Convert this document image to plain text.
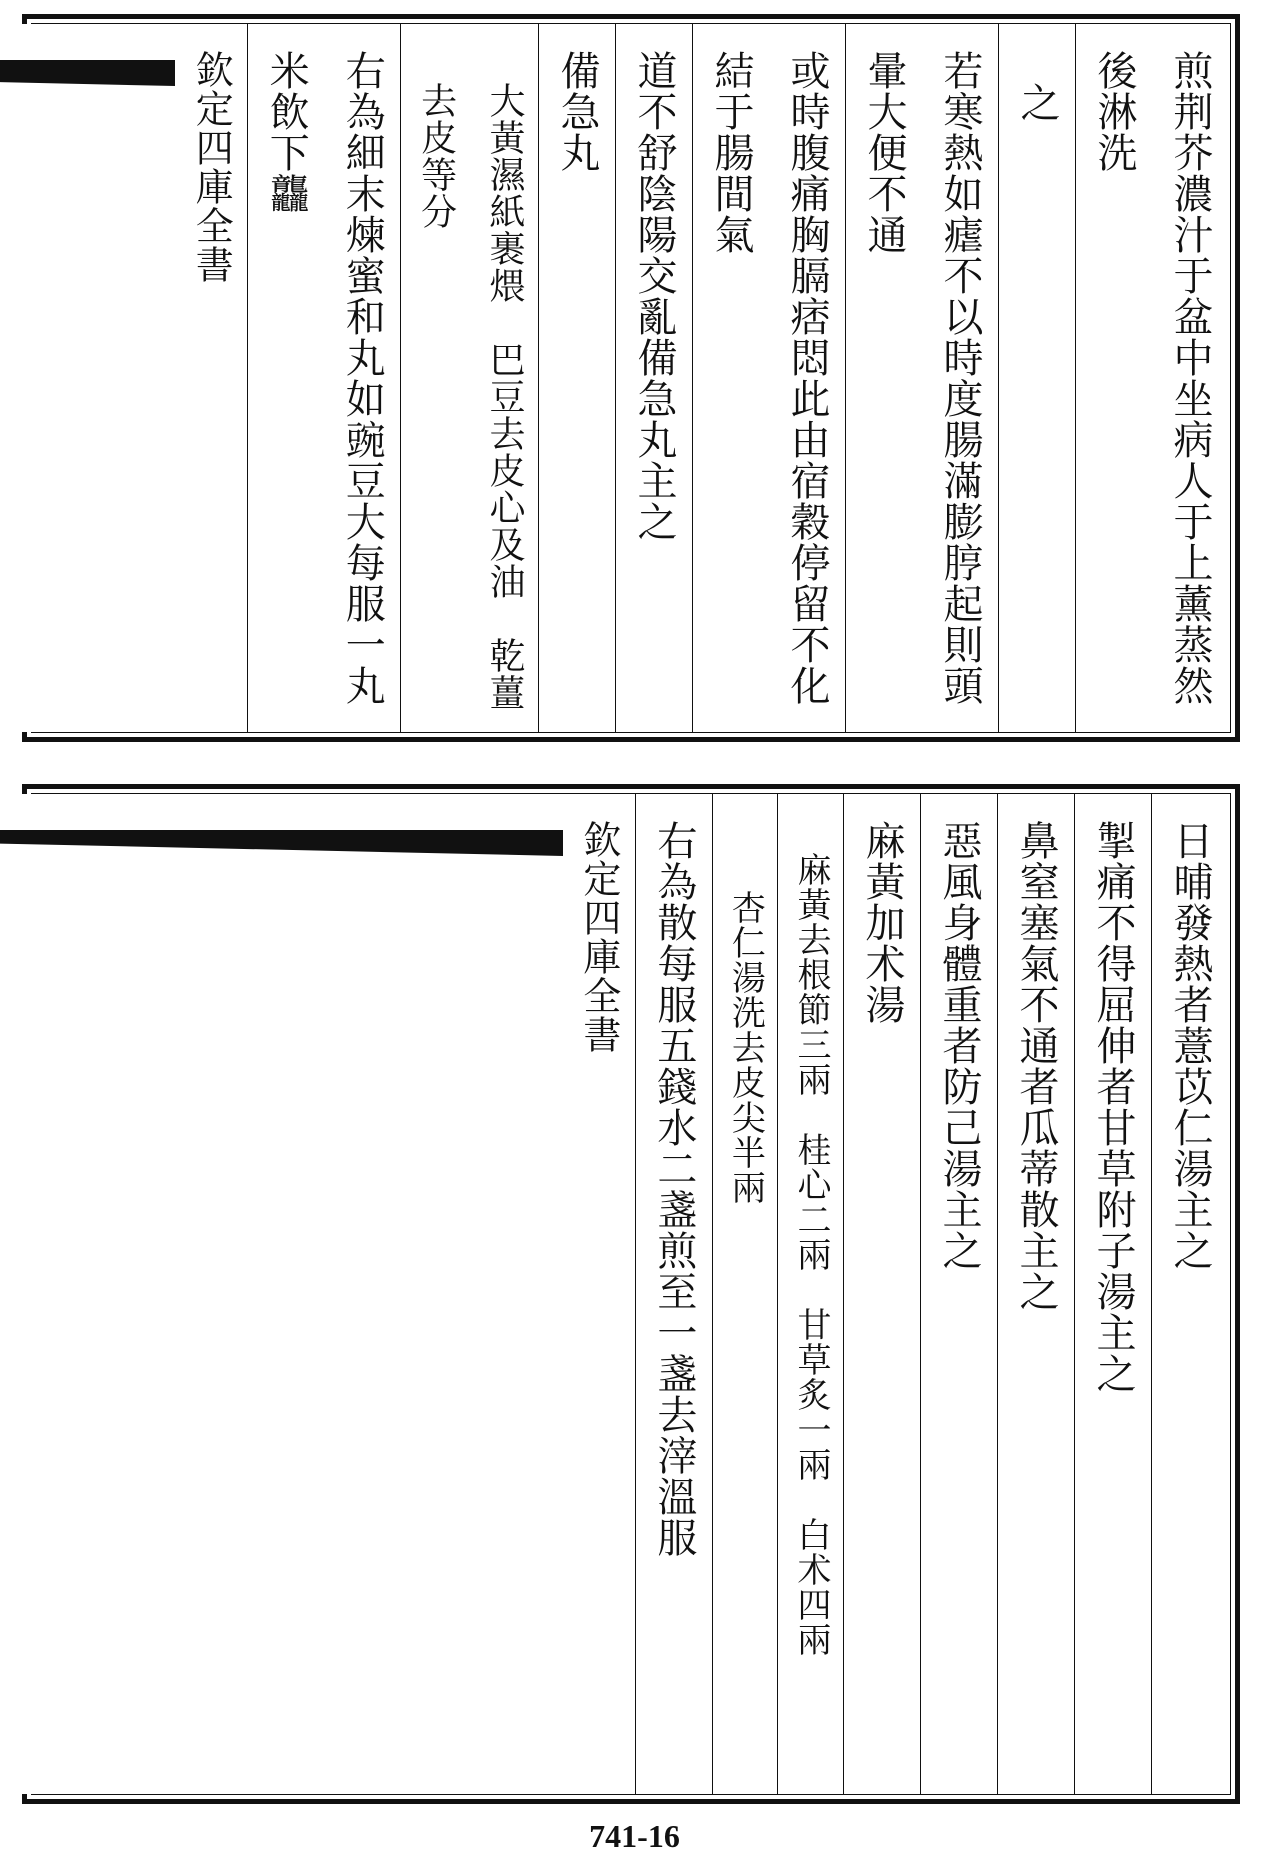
煎荆芥濃汁于盆中坐病人于上薰蒸然後淋洗
之
若寒熱如瘧不以時度腸滿膨脝起則頭暈大便不通
或時腹痛胸膈痞悶此由宿穀停留不化結于腸間氣
道不舒陰陽交亂備急丸主之
備急丸
大黃濕紙裹煨　巴豆去皮心及油　乾薑去皮等分
右為細末煉蜜和丸如豌豆大每服一丸米飲下龘
欽定四庫全書
日晡發熱者薏苡仁湯主之
掣痛不得屈伸者甘草附子湯主之
鼻窒塞氣不通者瓜蒂散主之
惡風身體重者防己湯主之
麻黃加术湯
麻黃去根節三兩　桂心二兩　甘草炙一兩　白术四兩
杏仁湯洗去皮尖半兩
右為散每服五錢水二盞煎至一盞去滓溫服
欽定四庫全書
741-16
